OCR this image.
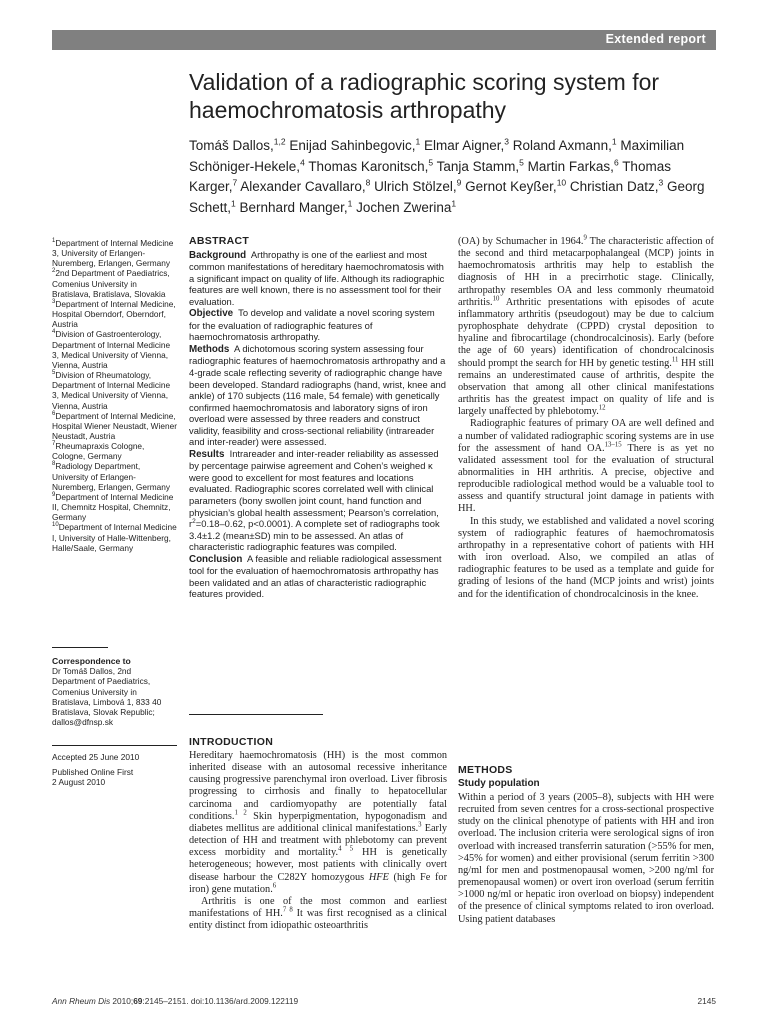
Extended report
Validation of a radiographic scoring system for haemochromatosis arthropathy
Tomáš Dallos,$^{1,2}$ Enijad Sahinbegovic,$^1$ Elmar Aigner,$^3$ Roland Axmann,$^1$ Maximilian Schöniger-Hekele,$^4$ Thomas Karonitsch,$^5$ Tanja Stamm,$^5$ Martin Farkas,$^6$ Thomas Karger,$^7$ Alexander Cavallaro,$^8$ Ulrich Stölzel,$^9$ Gernot Keyßer,$^{10}$ Christian Datz,$^3$ Georg Schett,$^1$ Bernhard Manger,$^1$ Jochen Zwerina$^1$

$^1$Department of Internal Medicine 3, University of Erlangen-Nuremberg, Erlangen, Germany

$^2$2nd Department of Paediatrics, Comenius University in Bratislava, Bratislava, Slovakia

$^3$Department of Internal Medicine, Hospital Oberndorf, Oberndorf, Austria

$^4$Division of Gastroenterology, Department of Internal Medicine 3, Medical University of Vienna, Vienna, Austria

$^5$Division of Rheumatology, Department of Internal Medicine 3, Medical University of Vienna, Vienna, Austria

$^6$Department of Internal Medicine, Hospital Wiener Neustadt, Wiener Neustadt, Austria

$^7$Rheumapraxis Cologne, Cologne, Germany

$^8$Radiology Department, University of Erlangen-Nuremberg, Erlangen, Germany

$^9$Department of Internal Medicine II, Chemnitz Hospital, Chemnitz, Germany

$^{10}$Department of Internal Medicine I, University of Halle-Wittenberg, Halle/Saale, Germany

Correspondence to

Dr Tomáš Dallos, 2nd

Department of Paediatrics,

Comenius University in

Bratislava, Limbová 1, 833 40

Bratislava, Slovak Republic;

dallos@dfnsp.sk

Accepted 25 June 2010

Published Online First
2 August 2010

ABSTRACT

Background Arthropathy is one of the earliest and most common manifestations of hereditary haemochromatosis with a significant impact on quality of life. Although its radiographic features are well known, there is no assessment tool for their evaluation.

Objective To develop and validate a novel scoring system for the evaluation of radiographic features of haemochromatosis arthropathy.

Methods A dichotomous scoring system assessing four radiographic features of haemochromatosis arthropathy and a 4-grade scale reflecting severity of radiographic change have been developed. Standard radiographs (hand, wrist, knee and ankle) of 170 subjects (116 male, 54 female) with genetically confirmed haemochromatosis and laboratory signs of iron overload were assessed by three readers and construct validity, feasibility and cross-sectional reliability (intrareader and inter-reader) were assessed.

Results Intrareader and inter-reader reliability as assessed by percentage pairwise agreement and Cohen’s weighed κ were good to excellent for most features and locations evaluated. Radiographic scores correlated well with clinical parameters (bony swollen joint count, hand function and physician’s global health assessment; Pearson’s correlation, $r^2=0.18-0.62$, p<0.0001). A complete set of radiographs took 3.4±1.2 (mean±SD) min to be assessed. An atlas of characteristic radiographic features was compiled.

Conclusion A feasible and reliable radiological assessment tool for the evaluation of haemochromatosis arthropathy has been validated and an atlas of characteristic radiographic features provided.

INTRODUCTION

Hereditary haemochromatosis (HH) is the most common inherited disease with an autosomal recessive inheritance causing progressive parenchymal iron overload. Liver fibrosis progressing to cirrhosis and finally to hepatocellular carcinoma and cardiomyopathy are potentially fatal conditions.$^{1 2}$ Skin hyperpigmentation, hypogonadism and diabetes mellitus are additional clinical manifestations.$^3$ Early detection of HH and treatment with phlebotomy can prevent excess morbidity and mortality.$^{4 5}$ HH is genetically heterogeneous; however, most patients with clinically overt disease harbour the C282Y homozygous HFE (high Fe for iron) gene mutation.$^6$

Arthritis is one of the most common and earliest manifestations of HH.$^{7 8}$ It was first recognised as a clinical entity distinct from idiopathic osteoarthritis

(OA) by Schumacher in 1964.$^9$ The characteristic affection of the second and third metacarpophalangeal (MCP) joints in haemochromatosis arthritis may help to establish the diagnosis of HH in a precirrhotic stage. Clinically, arthropathy resembles OA and less commonly rheumatoid arthritis.$^{10}$ Arthritic presentations with episodes of acute inflammatory arthritis (pseudogout) may be due to calcium pyrophosphate dehydrate (CPPD) crystal deposition to hyaline and fibrocartilage (chondrocalcinosis). Early (before the age of 60 years) identification of chondrocalcinosis should prompt the search for HH by genetic testing.$^{11}$ HH still remains an underestimated cause of arthritis, despite the observation that among all other clinical manifestations arthritis has the greatest impact on quality of life and is largely unaffected by phlebotomy.$^{12}$

Radiographic features of primary OA are well defined and a number of validated radiographic scoring systems are in use for the assessment of hand OA.$^{13-15}$ There is as yet no validated assessment tool for the evaluation of structural abnormalities in HH arthritis. A precise, objective and reproducible radiological method would be a valuable tool to assess and quantify structural joint damage in patients with HH.

In this study, we established and validated a novel scoring system of radiographic features of haemochromatosis arthropathy in a representative cohort of patients with HH with iron overload. Also, we compiled an atlas of radiographic features to be used as a template and guide for grading of lesions of the hand (MCP joints and wrist) joints and for the identification of chondrocalcinosis in the knee.

METHODS
Study population

Within a period of 3 years (2005–8), subjects with HH were recruited from seven centres for a cross-sectional prospective study on the clinical phenotype of patients with HH and iron overload. The inclusion criteria were serological signs of iron overload with increased transferrin saturation (>55% for men, >45% for women) and either provisional (serum ferritin >300 ng/ml for men and postmenopausal women, >200 ng/ml for premenopausal women) or overt iron overload (serum ferritin >1000 ng/ml or hepatic iron overload on biopsy) independent of the presence of clinical symptoms related to iron overload. Using patient databases

Ann Rheum Dis 2010;69:2145–2151. doi:10.1136/ard.2009.122119	2145
